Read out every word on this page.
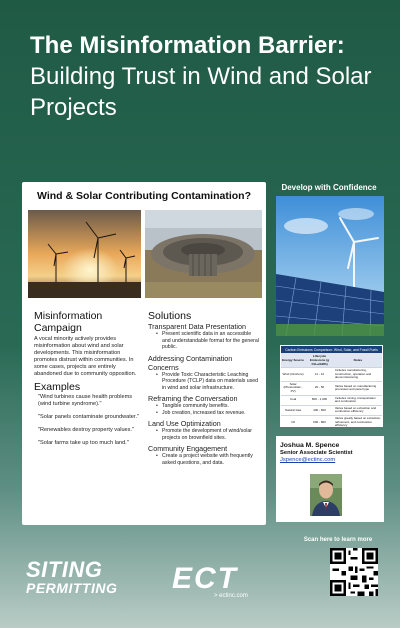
The Misinformation Barrier:
Building Trust in Wind and Solar Projects
Wind & Solar Contributing Contamination?
Misinformation Campaign
A vocal minority actively provides misinformation about wind and solar developments. This misinformation promotes distrust within communities. In some cases, projects are entirely abandoned due to community opposition.
Examples
"Wind turbines cause health problems (wind turbine syndrome)."
"Solar panels contaminate groundwater."
"Renewables destroy property values."
"Solar farms take up too much land."
Solutions
Transparent Data Presentation
• Present scientific data in an accessible and understandable format for the general public.
Addressing Contamination Concerns
• Provide Toxic Characteristic Leaching Procedure (TCLP) data on materials used in wind and solar infrastructure.
Reframing the Conversation
• Tangible community benefits.
• Job creation, increased tax revenue.
Land Use Optimization
• Promote the development of wind/solar projects on brownfield sites.
Community Engagement
• Create a project website with frequently asked questions, and data.
Develop with Confidence
Carbon Emissions Comparison: Wind, Solar, and Fossil Fuels
Energy Source	Lifecycle Emissions (g CO₂e/kWh)	Notes
Wind (Onshore)	11 - 12	Includes manufacturing, construction, operation and decommissioning
Solar (Photovoltaic - PV)	20 - 50	Varies based on manufacturing processes and panel type
Coal	800 - 1,000	Includes mining, transportation and combustion
Natural Gas	400 - 600	Varies based on extraction and combustion efficiency
Oil	600 - 800	Varies greatly based on extraction, refinement, and combustion efficiency
Joshua M. Spence
Senior Associate Scientist
Jspence@ectinc.com
Scan here to learn more
SITING
PERMITTING ECT
> ectinc.com
